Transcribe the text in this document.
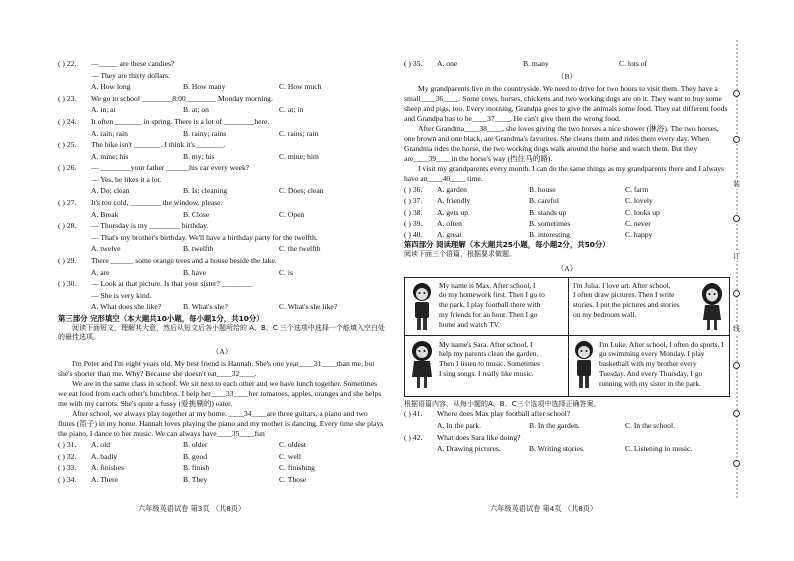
( ) 22.	—_____ are these candies?
— They are thirty dollars.
A. How long	B. How many	C. How much
( ) 23.	We go to school ________8:00________ Monday morning.
A. in; at	B. at; on	C. at; in
( ) 24.	It often _______ in spring. There is a lot of ________here.
A. rain; rain	B. rainy; rains	C. rains; rain
( ) 25.	The bike isn't _______. I think it's _______.
A. mine; his	B. my; his	C. mine; him
( ) 26.	— ________your father ______his car every week?
— Yes, he likes it a lot.
A. Do; clean	B. Is; cleaning	C. Does; clean
( ) 27.	It's too cold, ________ the window, please.
A. Break	B. Close	C. Open
( ) 28.	— Thursday is my ________ birthday.
— That's my brother's birthday. We'll have a birthday party for the twelfth.
A. twelve	B. twelfth	C. the twelfth
( ) 29.	There ______ some orange trees and a house beside the lake.
A. are	B. have	C. is
( ) 30.	— Look at that picture. Is that your sister? ________
— She is very kind.
A. What does she like?	B. What's she?	C. What's she like?
第三部分 完形填空（本大题共10小题，每小题1分，共10分）
阅读下面短文，理解其大意，然后从短文后各小题所给的 A、B、C 三个选项中选择一个能填入空白处的最佳选项。
（A）

I'm Peter and I'm eight years old. My best friend is Hannah. She's one year____31____than me, but she's shorter than me. Why? Because she doesn't eat____32____.

We are in the same class in school. We sit next to each other and we have lunch together. Sometimes we eat food from each other's lunchbox. I help her____33____her tomatoes, apples, oranges and she helps me with my carrots. She's quite a fussy (爱挑剔的) eater.

After school, we always play together at my home. ____34____are three guitars, a piano and two flutes (笛子) in my home. Hannah loves playing the piano and my mother is dancing. Every time she plays the piano, I dance to her music. We can always have____35____fun

( ) 31.	A. old	B. older	C. oldest
( ) 32.	A. badly	B. good	C. well
( ) 33.	A. finishes	B. finish	C. finishing
( ) 34.	A. There	B. They	C. Those
六年级英语试卷 第3页 （共8页）
( ) 35.	A. one	B. many	C. lots of
（B）

My grandparents live in the countryside. We need to drive for two hours to visit them. They have a small____36____. Some cows, horses, chickens and two working dogs are on it. They want to buy some sheep and pigs, too. Every morning, Grandpa goes to give the animals some food. They eat different foods and Grandpa has to be____37____. He can't give them the wrong food.

After Grandma____38____, she loves giving the two horses a nice shower (淋浴). The two horses, one brown and one black, are Grandma's favorites. She cleans them and rides them every day. When Grandma rides the horse, the two working dogs walk around the horse and watch them. But they are____39____in the horse's way (挡住马的路).

I visit my grandparents every month. I can do the same things as my grandparents there and I always have an____40____ time.

( ) 36.	A. garden	B. house	C. farm
( ) 37.	A. friendly	B. careful	C. lovely
( ) 38.	A. gets up	B. stands up	C. looks up
( ) 39.	A. often	B. sometimes	C. never
( ) 40.	A. great	B. interesting	C. happy
第四部分 阅读理解（本大题共25小题，每小题2分，共50分）
阅读下面三个语篇，根据要求做题。
（A）

My name is Max. After school, I

do my homework first. Then I go to

the park. I play football there with

my friends for an hour. Then I go

home and watch TV.

I'm Julia. I love art. After school,

I often draw pictures. Then I write

stories. I put the pictures and stories

on my bedroom wall.

My name's Sara. After school, I

help my parents clean the garden.

Then I listen to music. Sometimes

I sing songs. I really like music.

I'm Luke. After school, I often do sports. I

go swimming every Monday. I play

basketball with my brother every

Tuesday. And every Thursday, I go

running with my sister in the park.

根据语篇内容，从每小题的A、B、C三个选项中选择正确答案。
( ) 41.	Where does Max play football after school?
A. In the park.	B. In the garden.	C. In the school.
( ) 42.	What does Sara like doing?
A. Drawing pictures.	B. Writing stories.	C. Listening to music.
六年级英语试卷 第4页 （共8页）
装
订
线
